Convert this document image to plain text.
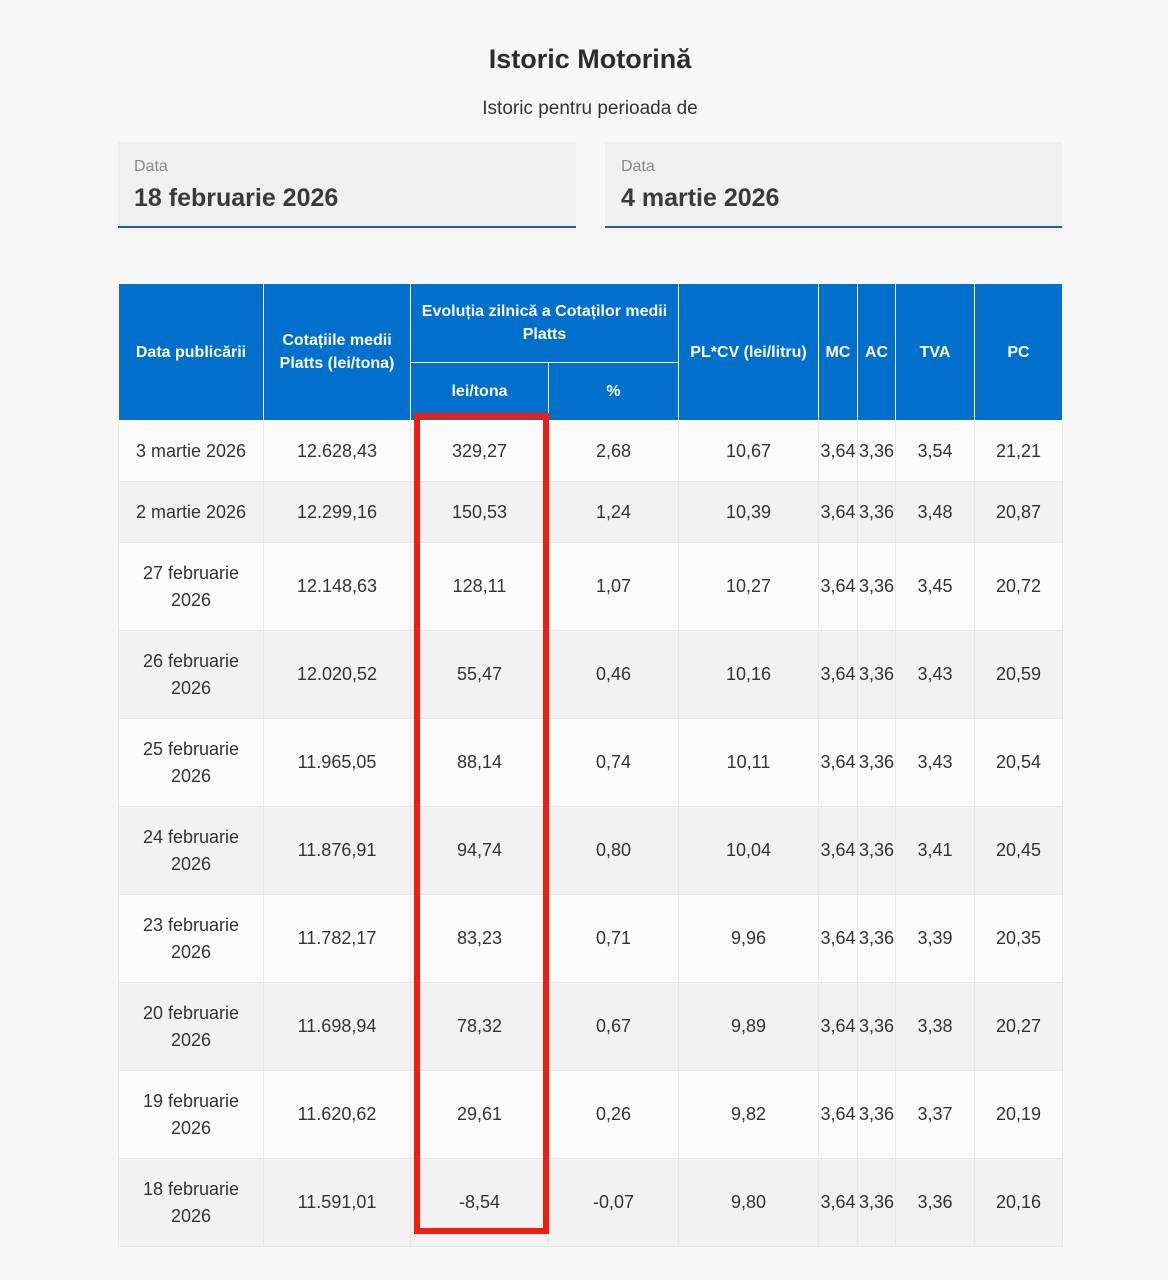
Istoric Motorină

Istoric pentru perioada de

Data
18 februarie 2026
Data
4 martie 2026
Data publicării	Cotațiile medii Platts (lei/tona)	Evoluția zilnică a Cotaților medii Platts		PL*CV (lei/litru)	MC	AC	TVA	PC
		lei/tona	%					
3 martie 2026	12.628,43	329,27	2,68	10,67	3,64	3,36	3,54	21,21
2 martie 2026	12.299,16	150,53	1,24	10,39	3,64	3,36	3,48	20,87
27 februarie 2026	12.148,63	128,11	1,07	10,27	3,64	3,36	3,45	20,72
26 februarie 2026	12.020,52	55,47	0,46	10,16	3,64	3,36	3,43	20,59
25 februarie 2026	11.965,05	88,14	0,74	10,11	3,64	3,36	3,43	20,54
24 februarie 2026	11.876,91	94,74	0,80	10,04	3,64	3,36	3,41	20,45
23 februarie 2026	11.782,17	83,23	0,71	9,96	3,64	3,36	3,39	20,35
20 februarie 2026	11.698,94	78,32	0,67	9,89	3,64	3,36	3,38	20,27
19 februarie 2026	11.620,62	29,61	0,26	9,82	3,64	3,36	3,37	20,19
18 februarie 2026	11.591,01	-8,54	-0,07	9,80	3,64	3,36	3,36	20,16
